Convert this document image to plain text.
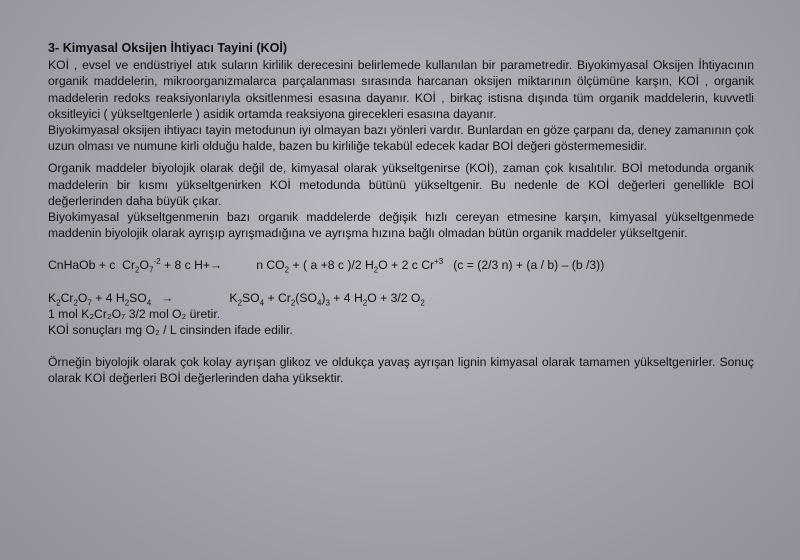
3- Kimyasal Oksijen İhtiyacı Tayini (KOİ)

KOİ , evsel ve endüstriyel atık suların kirlilik derecesini belirlemede kullanılan bir parametredir. Biyokimyasal Oksijen İhtiyacının organik maddelerin, mikroorganizmalarca parçalanması sırasında harcanan oksijen miktarının ölçümüne karşın, KOİ , organik maddelerin redoks reaksiyonlarıyla oksitlenmesi esasına dayanır. KOİ , birkaç istisna dışında tüm organik maddelerin, kuvvetli oksitleyici ( yükseltgenlerle ) asidik ortamda reaksiyona girecekleri esasına dayanır.

Biyokimyasal oksijen ihtiyacı tayin metodunun iyi olmayan bazı yönleri vardır. Bunlardan en göze çarpanı da, deney zamanının çok uzun olması ve numune kirli olduğu halde, bazen bu kirliliğe tekabül edecek kadar BOİ değeri göstermemesidir.

Organik maddeler biyolojik olarak değil de, kimyasal olarak yükseltgenirse (KOİ), zaman çok kısalıtılır. BOİ metodunda organik maddelerin bir kısmı yükseltgenirken KOİ metodunda bütünü yükseltgenir. Bu nedenle de KOİ değerleri genellikle BOİ değerlerinden daha büyük çıkar.

Biyokimyasal yükseltgenmenin bazı organik maddelerde değişik hızlı cereyan etmesine karşın, kimyasal yükseltgenmede maddenin biyolojik olarak ayrışıp ayrışmadığına ve ayrışma hızına bağlı olmadan bütün organik maddeler yükseltgenir.

CnHaOb + c  $Cr_2O_7^{-2} + 8$ c H+→	n $CO_2$ + ( a +8 c )/2 $H_2O + 2$ c $Cr^{+3}$ (c = (2/3 n) + (a / b) – (b /3))
$K_2Cr_2O_7 + 4$ $H_2SO_4$ →	$K_2SO_4 + Cr_2(SO_4)_3 + 4$ $H_2O + 3/2$ $O_2$
1 mol K₂Cr₂O₇ 3/2 mol O₂ üretir.
KOİ sonuçları mg O₂ / L cinsinden ifade edilir.

Örneğin biyolojik olarak çok kolay ayrışan glikoz ve oldukça yavaş ayrışan lignin kimyasal olarak tamamen yükseltgenirler. Sonuç olarak KOİ değerleri BOİ değerlerinden daha yüksektir.
